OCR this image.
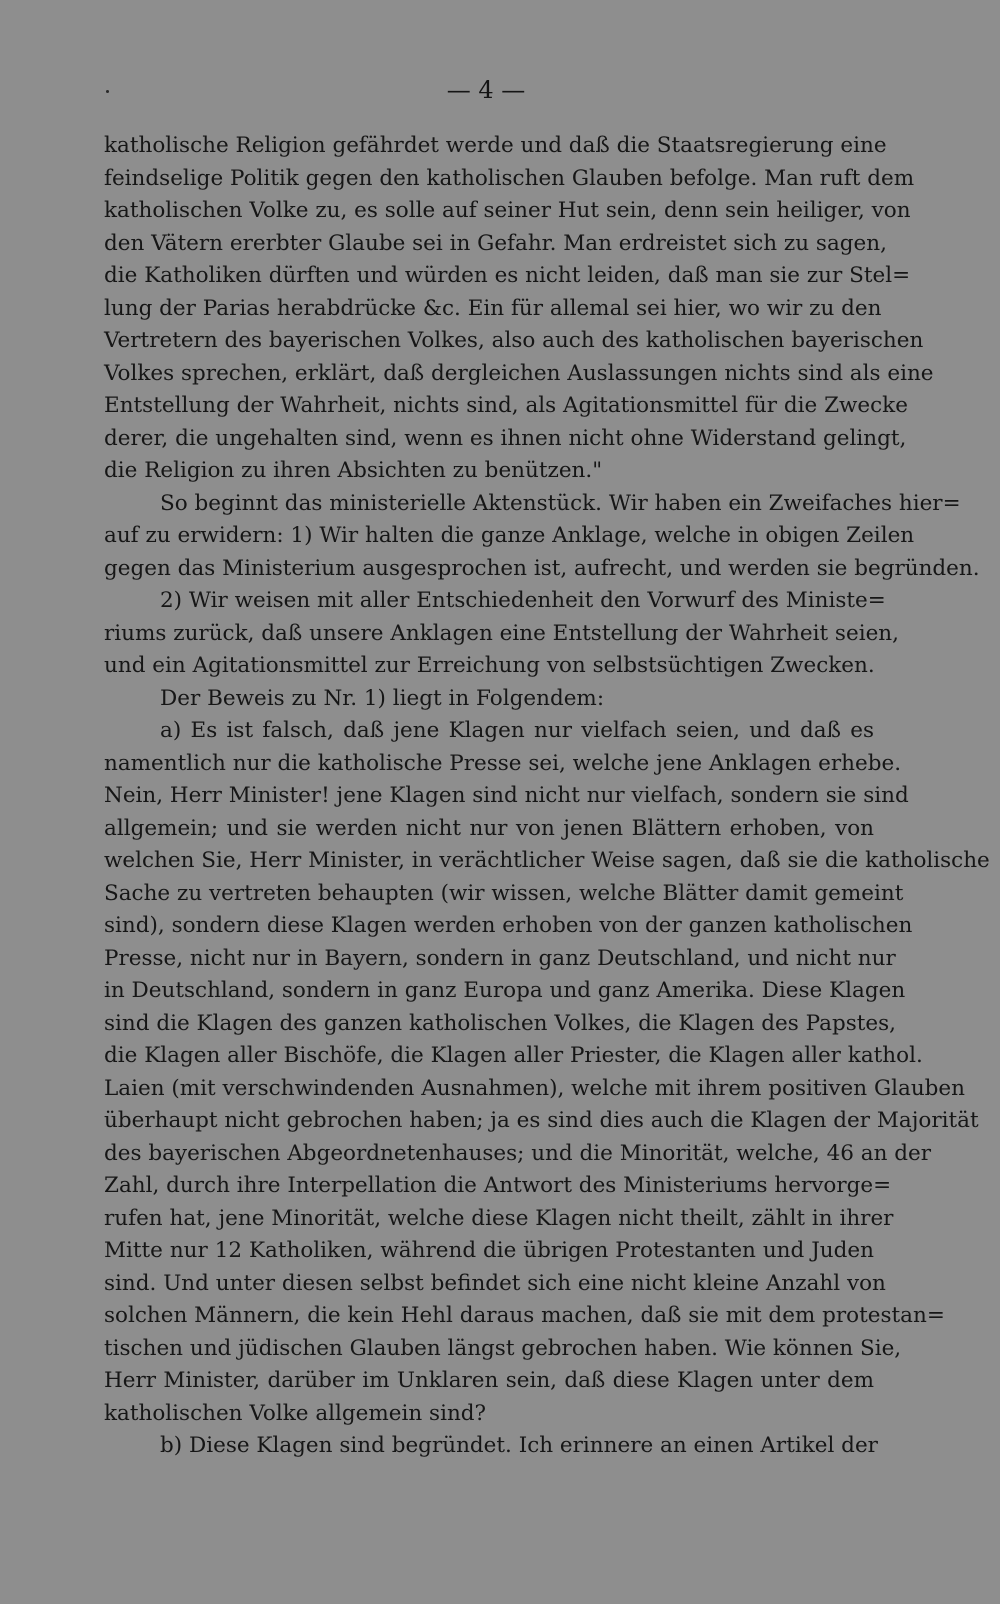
— 4 —
katholische Religion gefährdet werde und daß die Staatsregierung eine
feindselige Politik gegen den katholischen Glauben befolge. Man ruft dem
katholischen Volke zu, es solle auf seiner Hut sein, denn sein heiliger, von
den Vätern ererbter Glaube sei in Gefahr. Man erdreistet sich zu sagen,
die Katholiken dürften und würden es nicht leiden, daß man sie zur Stel=
lung der Parias herabdrücke &c. Ein für allemal sei hier, wo wir zu den
Vertretern des bayerischen Volkes, also auch des katholischen bayerischen
Volkes sprechen, erklärt, daß dergleichen Auslassungen nichts sind als eine
Entstellung der Wahrheit, nichts sind, als Agitationsmittel für die Zwecke
derer, die ungehalten sind, wenn es ihnen nicht ohne Widerstand gelingt,
die Religion zu ihren Absichten zu benützen."
So beginnt das ministerielle Aktenstück. Wir haben ein Zweifaches hier=
auf zu erwidern: 1) Wir halten die ganze Anklage, welche in obigen Zeilen
gegen das Ministerium ausgesprochen ist, aufrecht, und werden sie begründen.
2) Wir weisen mit aller Entschiedenheit den Vorwurf des Ministe=
riums zurück, daß unsere Anklagen eine Entstellung der Wahrheit seien,
und ein Agitationsmittel zur Erreichung von selbstsüchtigen Zwecken.
Der Beweis zu Nr. 1) liegt in Folgendem:
a) Es ist falsch, daß jene Klagen nur vielfach seien, und daß es
namentlich nur die katholische Presse sei, welche jene Anklagen erhebe.
Nein, Herr Minister! jene Klagen sind nicht nur vielfach, sondern sie sind
allgemein; und sie werden nicht nur von jenen Blättern erhoben, von
welchen Sie, Herr Minister, in verächtlicher Weise sagen, daß sie die katholische
Sache zu vertreten behaupten (wir wissen, welche Blätter damit gemeint
sind), sondern diese Klagen werden erhoben von der ganzen katholischen
Presse, nicht nur in Bayern, sondern in ganz Deutschland, und nicht nur
in Deutschland, sondern in ganz Europa und ganz Amerika. Diese Klagen
sind die Klagen des ganzen katholischen Volkes, die Klagen des Papstes,
die Klagen aller Bischöfe, die Klagen aller Priester, die Klagen aller kathol.
Laien (mit verschwindenden Ausnahmen), welche mit ihrem positiven Glauben
überhaupt nicht gebrochen haben; ja es sind dies auch die Klagen der Majorität
des bayerischen Abgeordnetenhauses; und die Minorität, welche, 46 an der
Zahl, durch ihre Interpellation die Antwort des Ministeriums hervorge=
rufen hat, jene Minorität, welche diese Klagen nicht theilt, zählt in ihrer
Mitte nur 12 Katholiken, während die übrigen Protestanten und Juden
sind. Und unter diesen selbst befindet sich eine nicht kleine Anzahl von
solchen Männern, die kein Hehl daraus machen, daß sie mit dem protestan=
tischen und jüdischen Glauben längst gebrochen haben. Wie können Sie,
Herr Minister, darüber im Unklaren sein, daß diese Klagen unter dem
katholischen Volke allgemein sind?
b) Diese Klagen sind begründet. Ich erinnere an einen Artikel der
